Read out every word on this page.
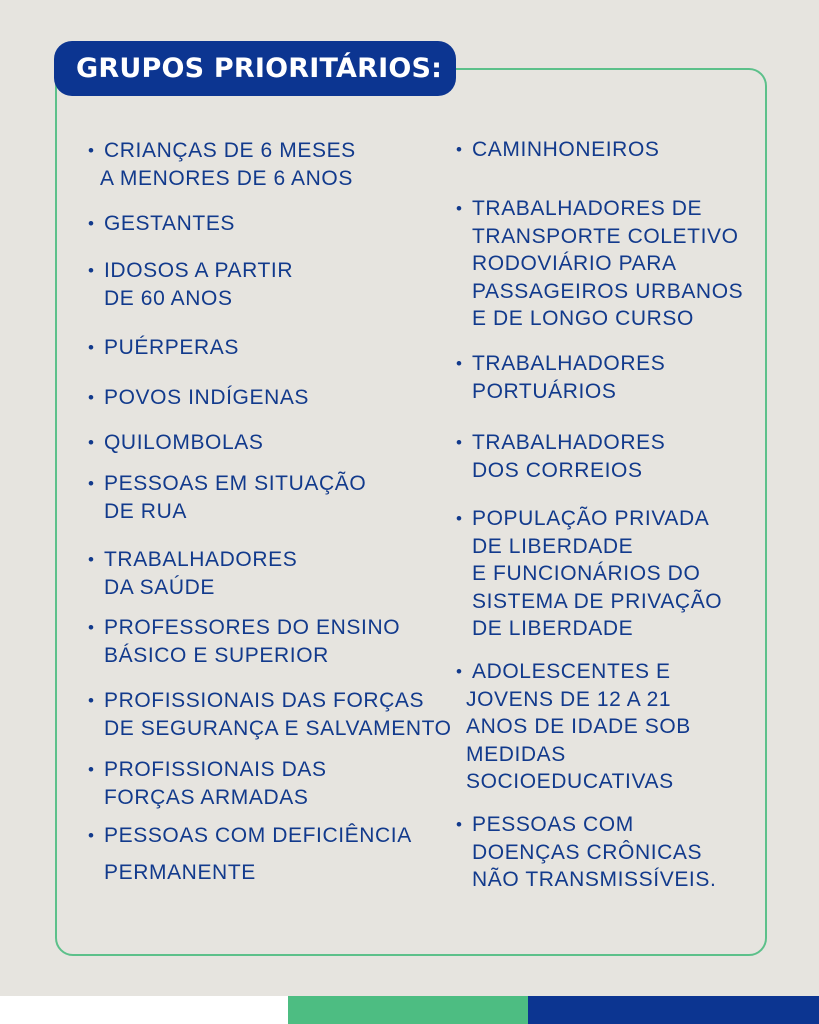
GRUPOS PRIORITÁRIOS:
• CRIANÇAS DE 6 MESES
A MENORES DE 6 ANOS
• GESTANTES
• IDOSOS A PARTIR
DE 60 ANOS
• PUÉRPERAS
• POVOS INDÍGENAS
• QUILOMBOLAS
• PESSOAS EM SITUAÇÃO
DE RUA
• TRABALHADORES
DA SAÚDE
• PROFESSORES DO ENSINO
BÁSICO E SUPERIOR
• PROFISSIONAIS DAS FORÇAS
DE SEGURANÇA E SALVAMENTO
• PROFISSIONAIS DAS
FORÇAS ARMADAS
• PESSOAS COM DEFICIÊNCIA
PERMANENTE
• CAMINHONEIROS
• TRABALHADORES DE
TRANSPORTE COLETIVO
RODOVIÁRIO PARA
PASSAGEIROS URBANOS
E DE LONGO CURSO
• TRABALHADORES
PORTUÁRIOS
• TRABALHADORES
DOS CORREIOS
• POPULAÇÃO PRIVADA
DE LIBERDADE
E FUNCIONÁRIOS DO
SISTEMA DE PRIVAÇÃO
DE LIBERDADE
• ADOLESCENTES E
JOVENS DE 12 A 21
ANOS DE IDADE SOB
MEDIDAS
SOCIOEDUCATIVAS
• PESSOAS COM
DOENÇAS CRÔNICAS
NÃO TRANSMISSÍVEIS.
